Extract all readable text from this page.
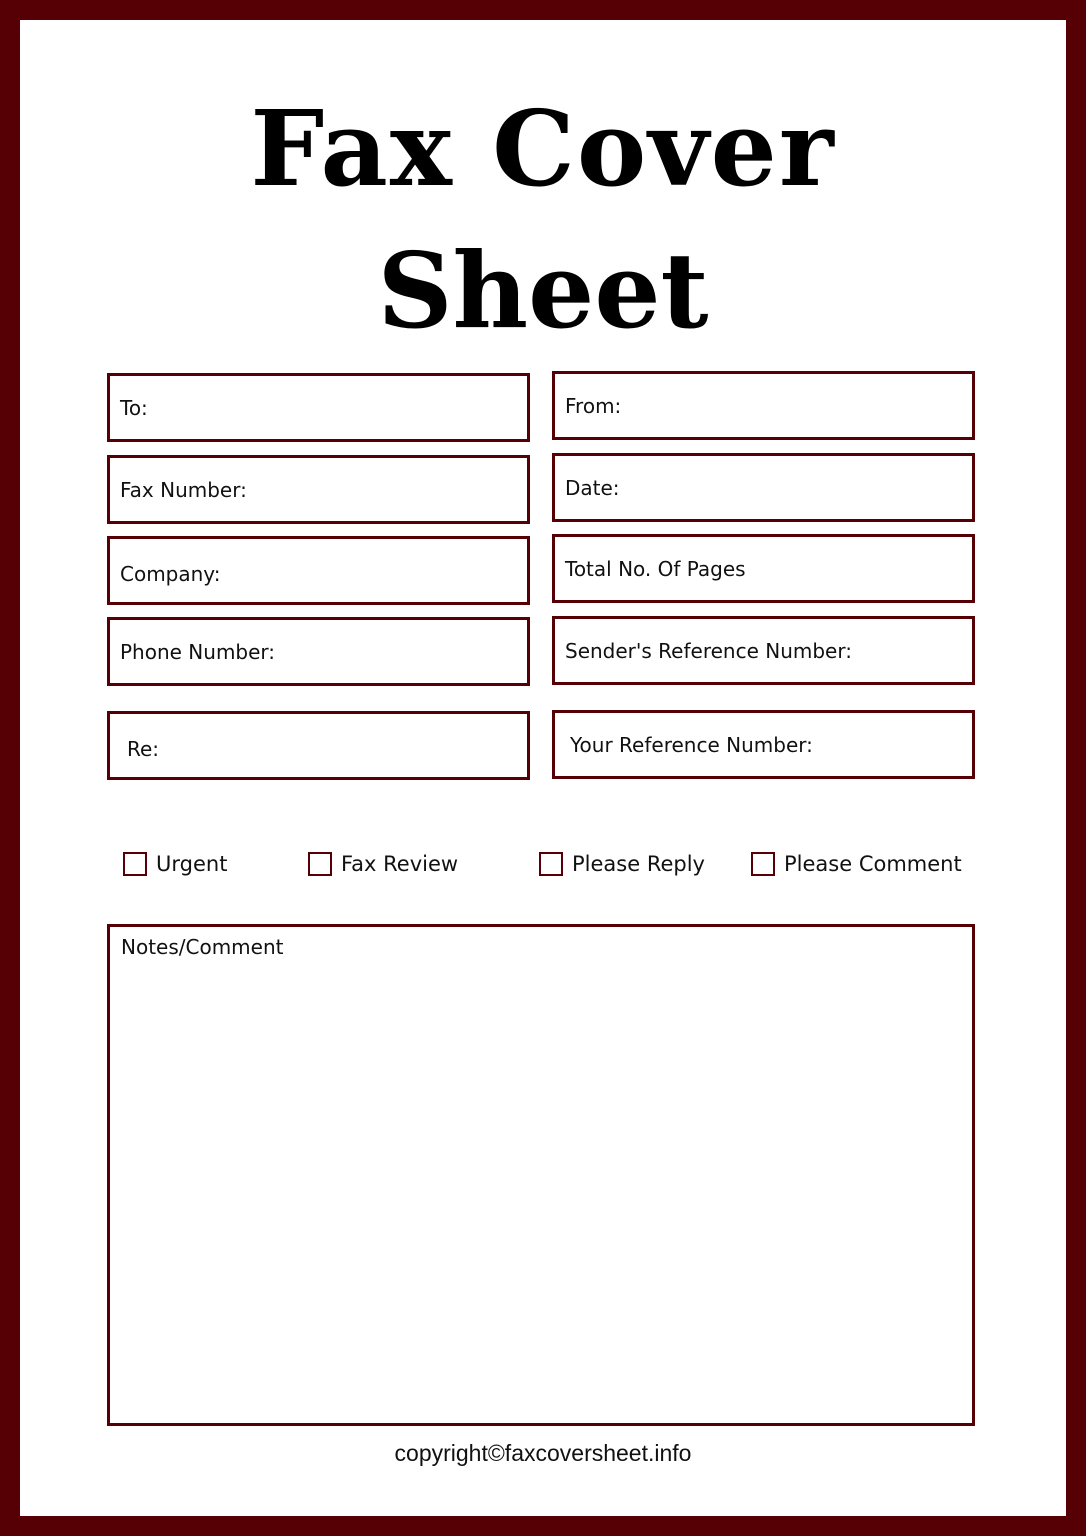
Fax Cover
Sheet
To:	From:
Fax Number:	Date:
Company:	Total No. Of Pages
Phone Number:	Sender's Reference Number:
Re:	Your Reference Number:
Urgent	Fax Review	Please Reply	Please Comment
Notes/Comment
copyright©faxcoversheet.info
